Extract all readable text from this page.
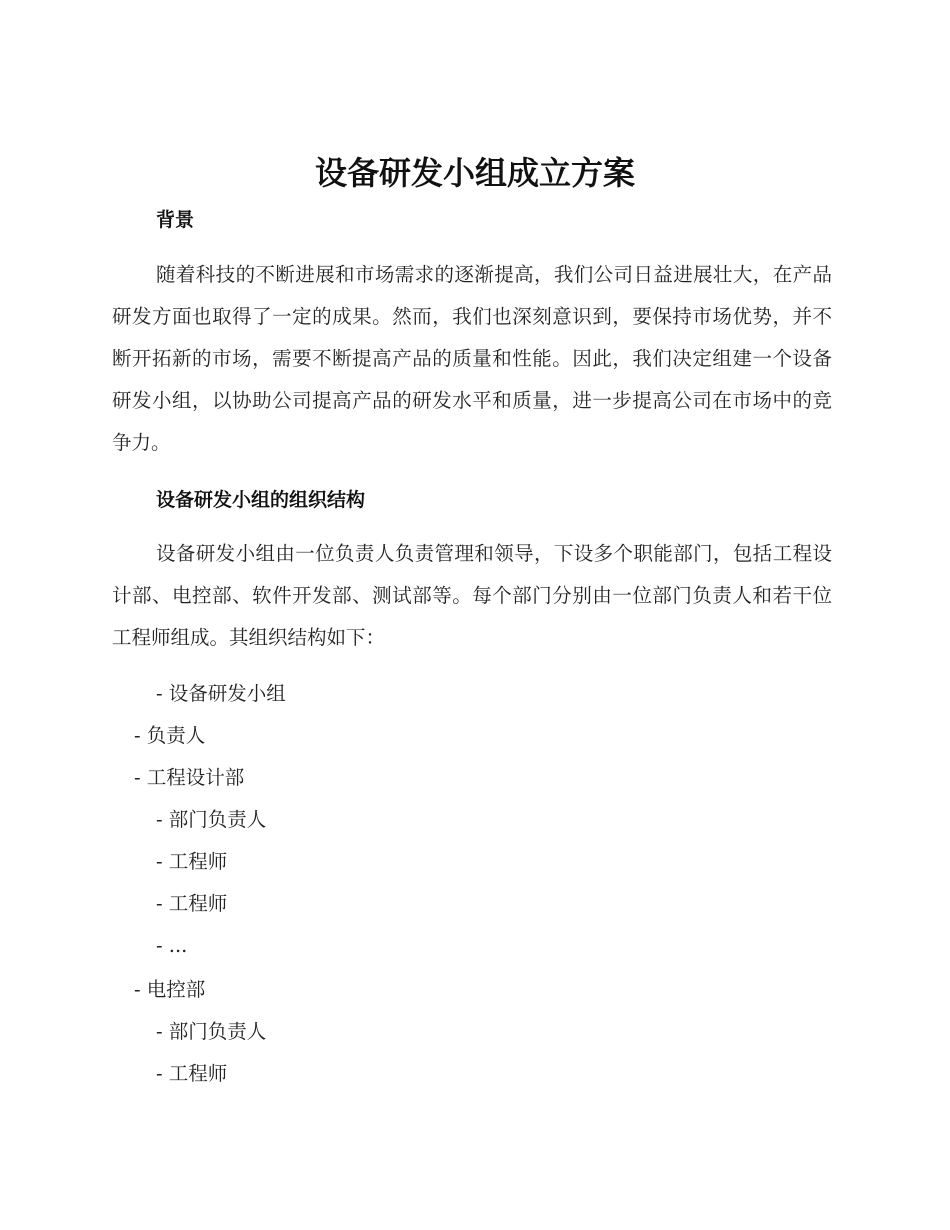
设备研发小组成立方案
背景
随着科技的不断进展和市场需求的逐渐提高，我们公司日益进展壮大，在产品研发方面也取得了一定的成果。然而，我们也深刻意识到，要保持市场优势，并不断开拓新的市场，需要不断提高产品的质量和性能。因此，我们决定组建一个设备研发小组，以协助公司提高产品的研发水平和质量，进一步提高公司在市场中的竞争力。
设备研发小组的组织结构
设备研发小组由一位负责人负责管理和领导，下设多个职能部门，包括工程设计部、电控部、软件开发部、测试部等。每个部门分别由一位部门负责人和若干位工程师组成。其组织结构如下：
- 设备研发小组
- 负责人
- 工程设计部
- 部门负责人
- 工程师
- 工程师
- ...
- 电控部
- 部门负责人
- 工程师
